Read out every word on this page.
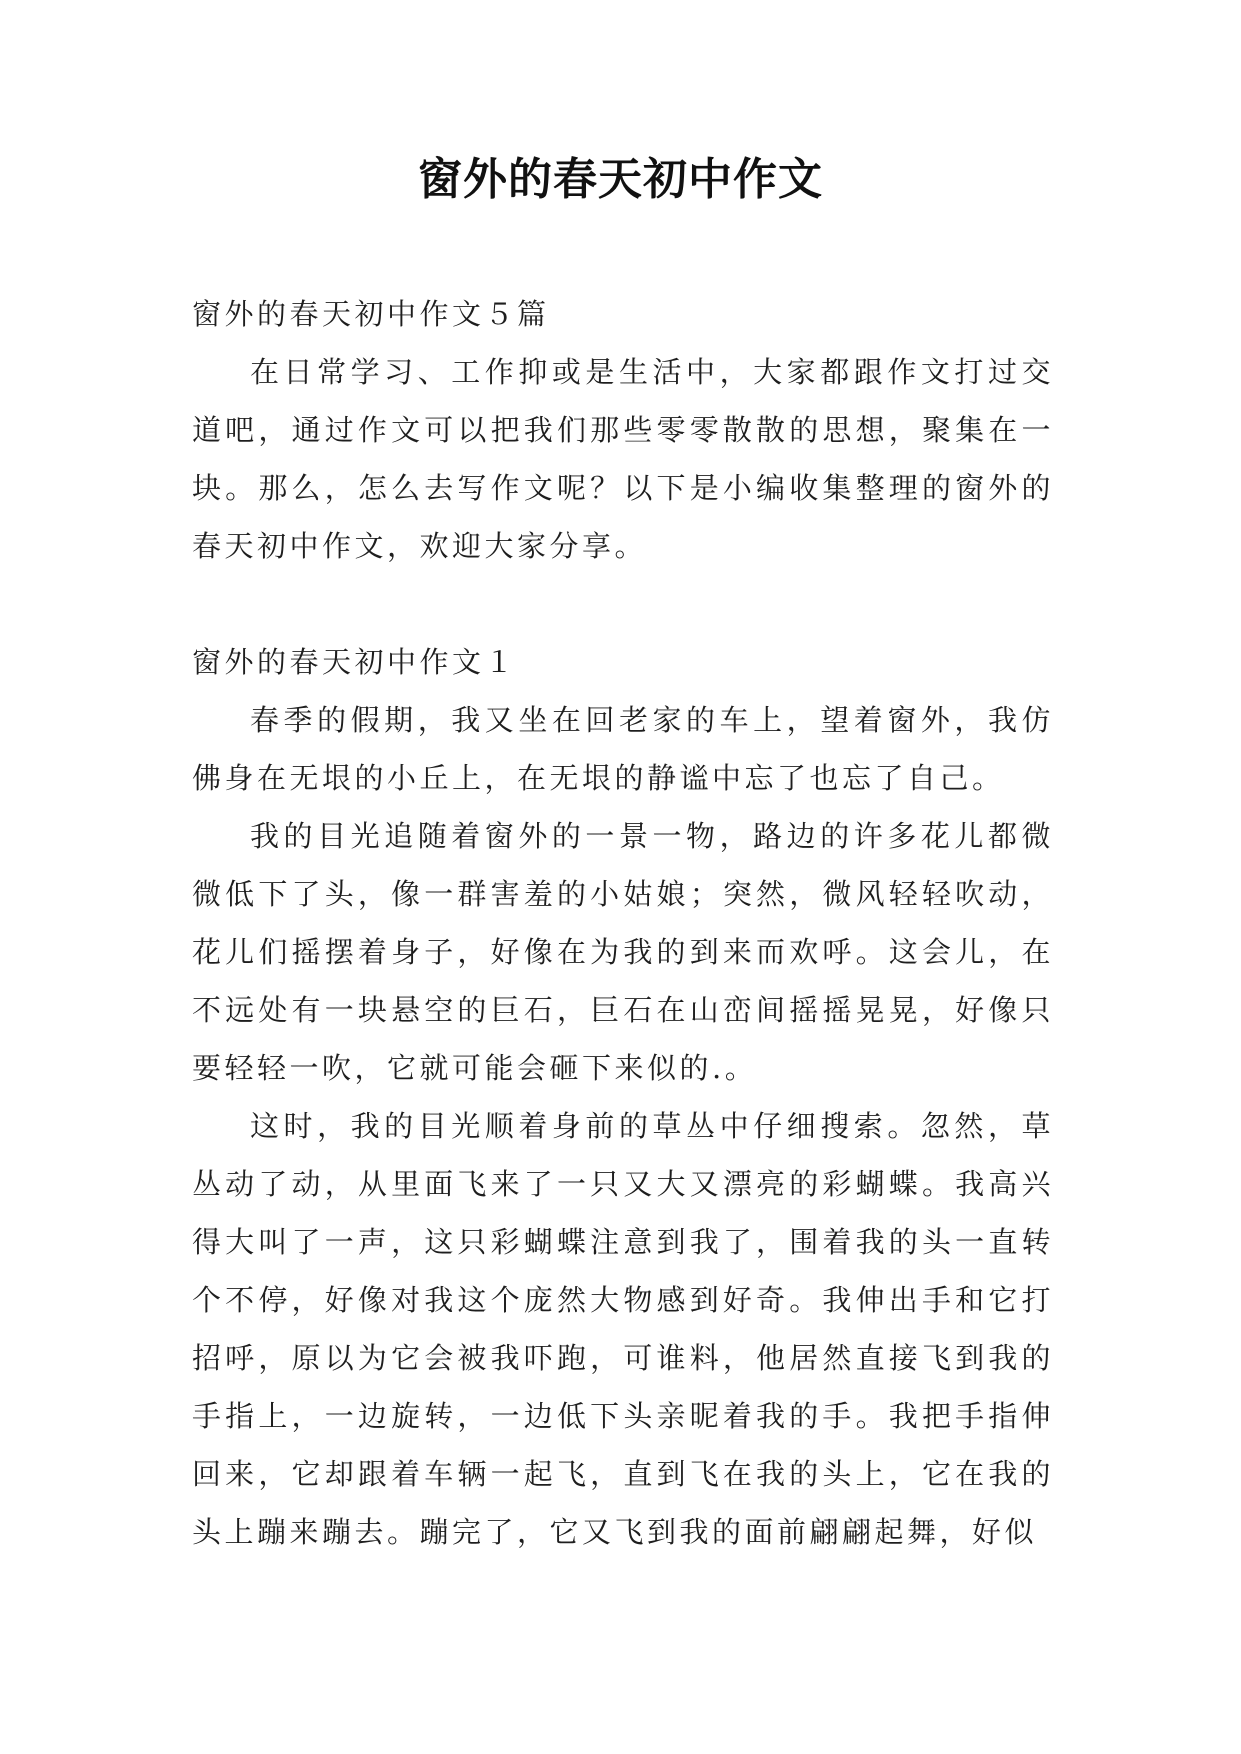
窗外的春天初中作文

窗外的春天初中作文５篇

在日常学习、工作抑或是生活中，大家都跟作文打过交道吧，通过作文可以把我们那些零零散散的思想，聚集在一块。那么，怎么去写作文呢？以下是小编收集整理的窗外的春天初中作文，欢迎大家分享。

窗外的春天初中作文１

春季的假期，我又坐在回老家的车上，望着窗外，我仿佛身在无垠的小丘上，在无垠的静谧中忘了也忘了自己。

我的目光追随着窗外的一景一物，路边的许多花儿都微微低下了头，像一群害羞的小姑娘；突然，微风轻轻吹动，花儿们摇摆着身子，好像在为我的到来而欢呼。这会儿，在不远处有一块悬空的巨石，巨石在山峦间摇摇晃晃，好像只要轻轻一吹，它就可能会砸下来似的.。

这时，我的目光顺着身前的草丛中仔细搜索。忽然，草丛动了动，从里面飞来了一只又大又漂亮的彩蝴蝶。我高兴得大叫了一声，这只彩蝴蝶注意到我了，围着我的头一直转个不停，好像对我这个庞然大物感到好奇。我伸出手和它打招呼，原以为它会被我吓跑，可谁料，他居然直接飞到我的手指上，一边旋转，一边低下头亲昵着我的手。我把手指伸回来，它却跟着车辆一起飞，直到飞在我的头上，它在我的头上蹦来蹦去。蹦完了，它又飞到我的面前翩翩起舞，好似
